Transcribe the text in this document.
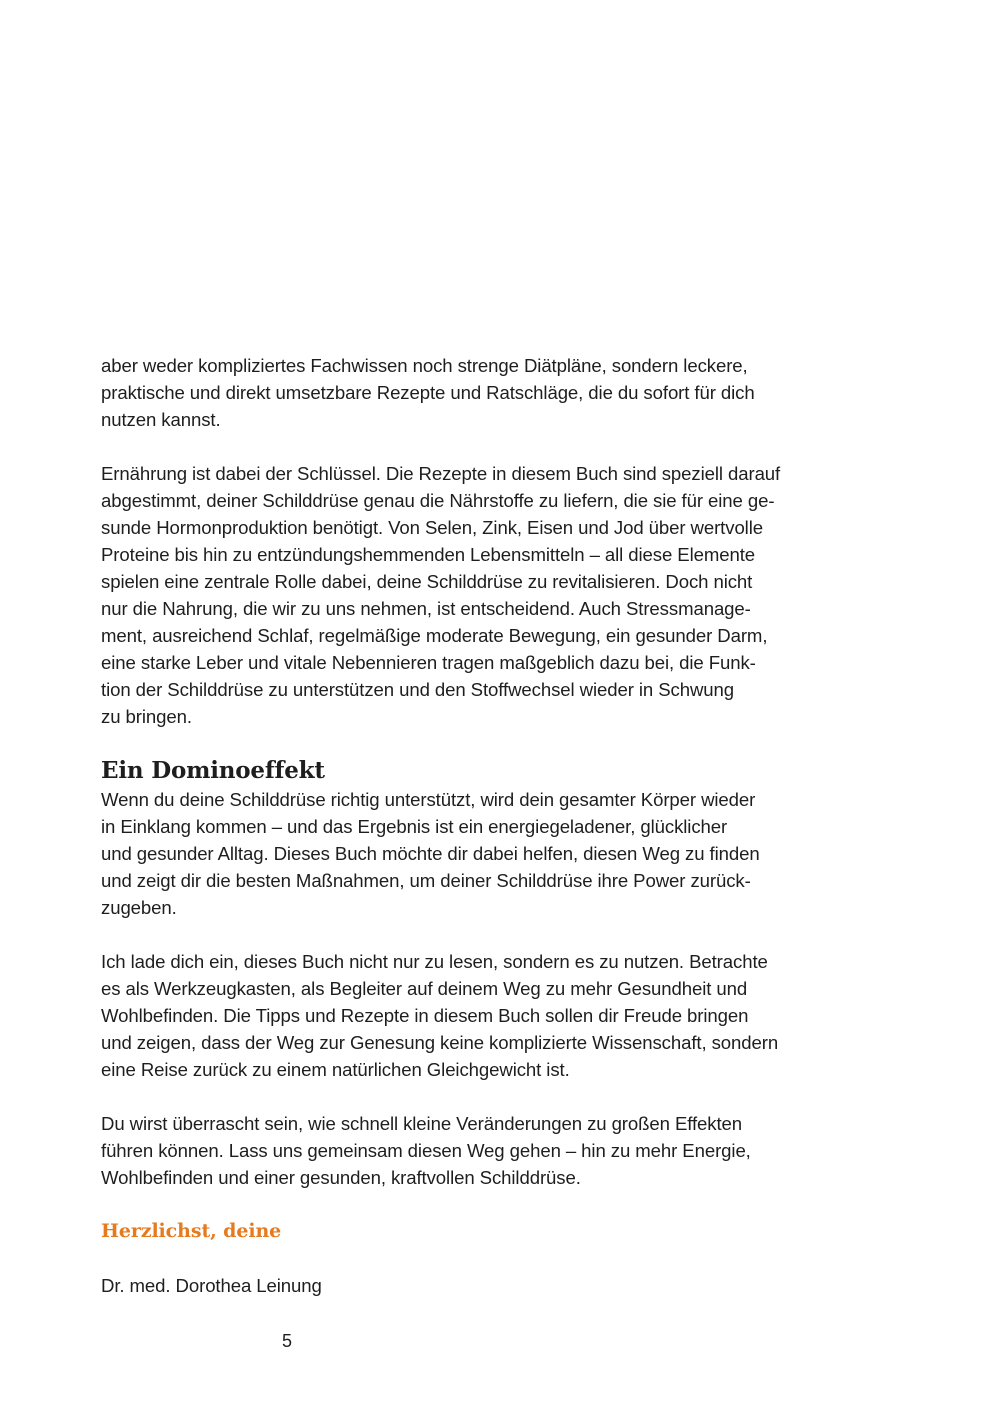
aber weder kompliziertes Fachwissen noch strenge Diätpläne, sondern leckere,

praktische und direkt umsetzbare Rezepte und Ratschläge, die du sofort für dich

nutzen kannst.

Ernährung ist dabei der Schlüssel. Die Rezepte in diesem Buch sind speziell darauf

abgestimmt, deiner Schilddrüse genau die Nährstoffe zu liefern, die sie für eine ge-

sunde Hormonproduktion benötigt. Von Selen, Zink, Eisen und Jod über wertvolle

Proteine bis hin zu entzündungshemmenden Lebensmitteln – all diese Elemente

spielen eine zentrale Rolle dabei, deine Schilddrüse zu revitalisieren. Doch nicht

nur die Nahrung, die wir zu uns nehmen, ist entscheidend. Auch Stressmanage-

ment, ausreichend Schlaf, regelmäßige moderate Bewegung, ein gesunder Darm,

eine starke Leber und vitale Nebennieren tragen maßgeblich dazu bei, die Funk-

tion der Schilddrüse zu unterstützen und den Stoffwechsel wieder in Schwung

zu bringen.

Ein Dominoeffekt

Wenn du deine Schilddrüse richtig unterstützt, wird dein gesamter Körper wieder

in Einklang kommen – und das Ergebnis ist ein energiegeladener, glücklicher

und gesunder Alltag. Dieses Buch möchte dir dabei helfen, diesen Weg zu finden

und zeigt dir die besten Maßnahmen, um deiner Schilddrüse ihre Power zurück-

zugeben.

Ich lade dich ein, dieses Buch nicht nur zu lesen, sondern es zu nutzen. Betrachte

es als Werkzeugkasten, als Begleiter auf deinem Weg zu mehr Gesundheit und

Wohlbefinden. Die Tipps und Rezepte in diesem Buch sollen dir Freude bringen

und zeigen, dass der Weg zur Genesung keine komplizierte Wissenschaft, sondern

eine Reise zurück zu einem natürlichen Gleichgewicht ist.

Du wirst überrascht sein, wie schnell kleine Veränderungen zu großen Effekten

führen können. Lass uns gemeinsam diesen Weg gehen – hin zu mehr Energie,

Wohlbefinden und einer gesunden, kraftvollen Schilddrüse.

Herzlichst, deine

Dr. med. Dorothea Leinung

5
